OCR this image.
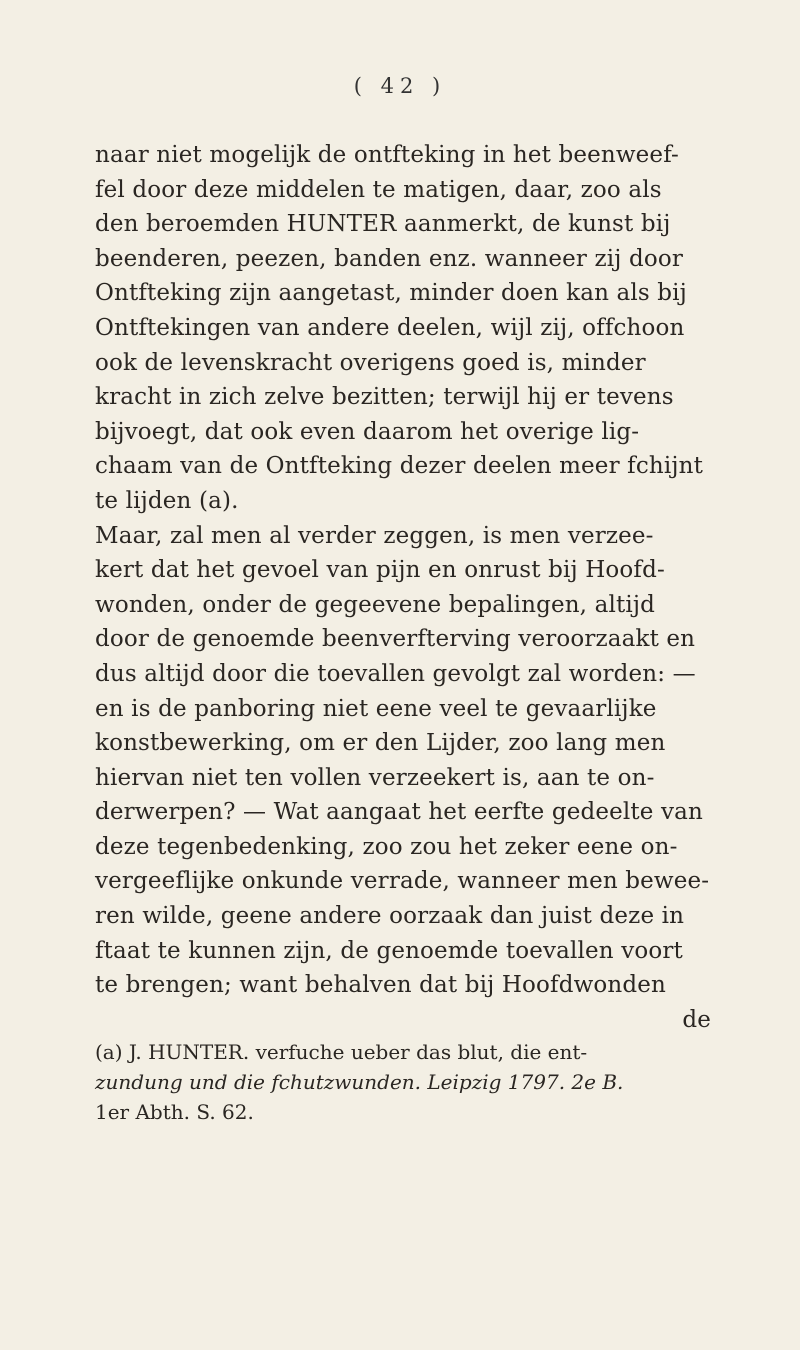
( 42 )
naar niet mogelijk de ontfteking in het beenweef-
fel door deze middelen te matigen, daar, zoo als
den beroemden HUNTER aanmerkt, de kunst bij
beenderen, peezen, banden enz. wanneer zij door
Ontfteking zijn aangetast, minder doen kan als bij
Ontftekingen van andere deelen, wijl zij, offchoon
ook de levenskracht overigens goed is, minder
kracht in zich zelve bezitten; terwijl hij er tevens
bijvoegt, dat ook even daarom het overige lig-
chaam van de Ontfteking dezer deelen meer fchijnt
te lijden (a).
Maar, zal men al verder zeggen, is men verzee-
kert dat het gevoel van pijn en onrust bij Hoofd-
wonden, onder de gegeevene bepalingen, altijd
door de genoemde beenverfterving veroorzaakt en
dus altijd door die toevallen gevolgt zal worden: —
en is de panboring niet eene veel te gevaarlijke
konstbewerking, om er den Lijder, zoo lang men
hiervan niet ten vollen verzeekert is, aan te on-
derwerpen? — Wat aangaat het eerfte gedeelte van
deze tegenbedenking, zoo zou het zeker eene on-
vergeeflijke onkunde verrade, wanneer men bewee-
ren wilde, geene andere oorzaak dan juist deze in
ftaat te kunnen zijn, de genoemde toevallen voort
te brengen; want behalven dat bij Hoofdwonden
de
(a) J. HUNTER. verfuche ueber das blut, die ent-
zundung und die fchutzwunden. Leipzig 1797. 2e B.
1er Abth. S. 62.
